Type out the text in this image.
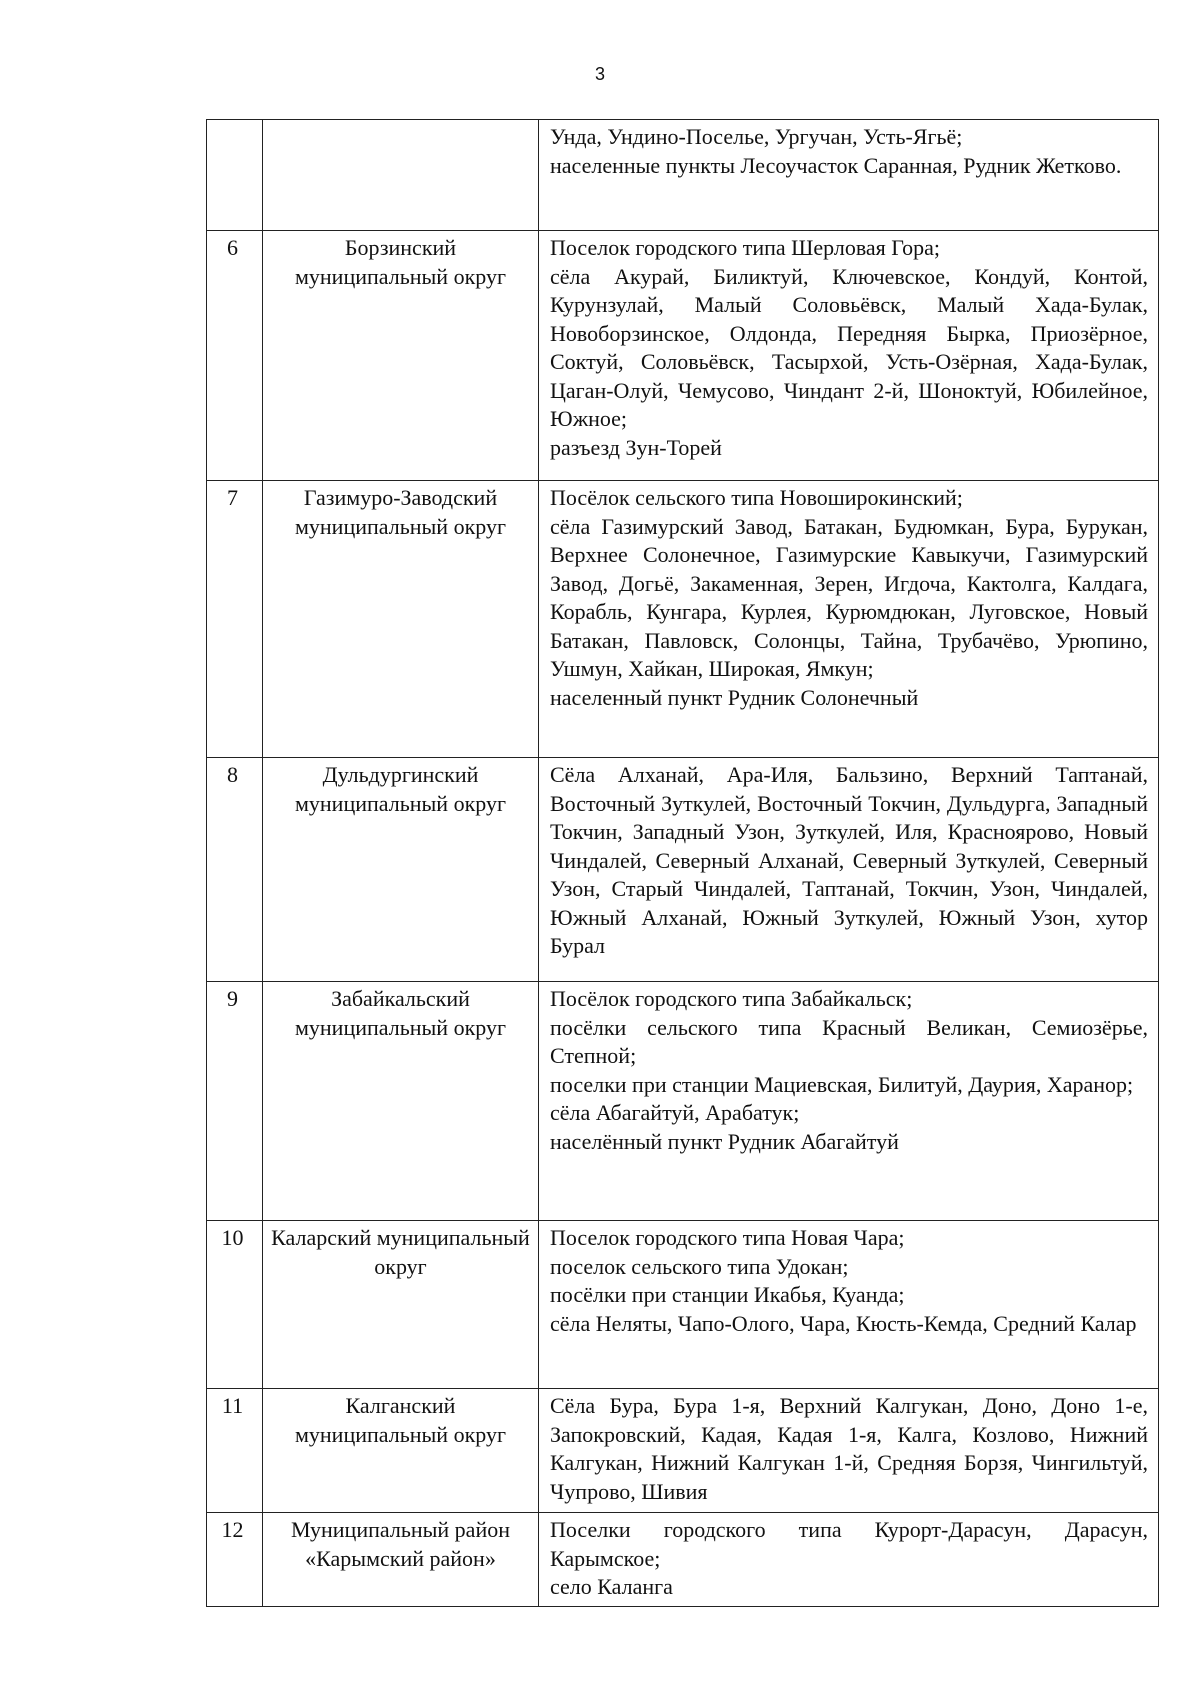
3

		Унда, Ундино-Поселье, Ургучан, Усть-Ягьё;
населенные пункты Лесоучасток Саранная, Рудник Жетково.

6	Борзинский муниципальный округ	Поселок городского типа Шерловая Гора;
сёла Акурай, Биликтуй, Ключевское, Кондуй, Контой, Курунзулай, Малый Соловьёвск, Малый Хада-Булак, Новоборзинское, Олдонда, Передняя Бырка, Приозёрное, Соктуй, Соловьёвск, Тасырхой, Усть-Озёрная, Хада-Булак, Цаган-Олуй, Чемусово, Чиндант 2-й, Шоноктуй, Юбилейное, Южное;
разъезд Зун-Торей

7	Газимуро-Заводский муниципальный округ	Посёлок сельского типа Новоширокинский;
сёла Газимурский Завод, Батакан, Будюмкан, Бура, Бурукан, Верхнее Солонечное, Газимурские Кавыкучи, Газимурский Завод, Догьё, Закаменная, Зерен, Игдоча, Кактолга, Калдага, Корабль, Кунгара, Курлея, Курюмдюкан, Луговское, Новый Батакан, Павловск, Солонцы, Тайна, Трубачёво, Урюпино, Ушмун, Хайкан, Широкая, Ямкун;
населенный пункт Рудник Солонечный

8	Дульдургинский муниципальный округ	Сёла Алханай, Ара-Иля, Бальзино, Верхний Таптанай, Восточный Зуткулей, Восточный Токчин, Дульдурга, Западный Токчин, Западный Узон, Зуткулей, Иля, Красноярово, Новый Чиндалей, Северный Алханай, Северный Зуткулей, Северный Узон, Старый Чиндалей, Таптанай, Токчин, Узон, Чиндалей, Южный Алханай, Южный Зуткулей, Южный Узон, хутор Бурал

9	Забайкальский муниципальный округ	Посёлок городского типа Забайкальск;
посёлки сельского типа Красный Великан, Семиозёрье, Степной;
поселки при станции Мациевская, Билитуй, Даурия, Харанор;
сёла Абагайтуй, Арабатук;
населённый пункт Рудник Абагайтуй

10	Каларский муниципальный округ	Поселок городского типа Новая Чара;
поселок сельского типа Удокан;
посёлки при станции Икабья, Куанда;
сёла Неляты, Чапо-Олого, Чара, Кюсть-Кемда, Средний Калар

11	Калганский муниципальный округ	Сёла Бура, Бура 1-я, Верхний Калгукан, Доно, Доно 1-е, Запокровский, Кадая, Кадая 1-я, Калга, Козлово, Нижний Калгукан, Нижний Калгукан 1-й, Средняя Борзя, Чингильтуй, Чупрово, Шивия

12	Муниципальный район «Карымский район»	Поселки городского типа Курорт-Дарасун, Дарасун, Карымское;
село Каланга
